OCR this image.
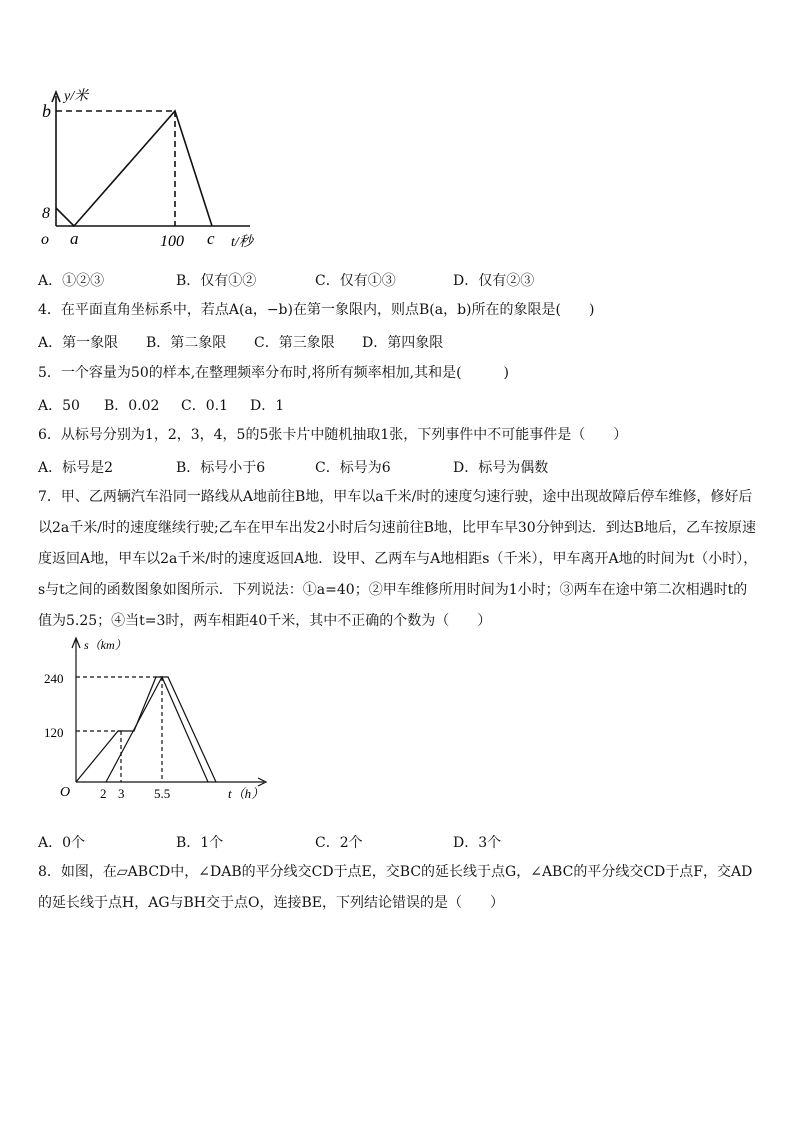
y/米
b
8
o a	100 c t/秒
A．①②③	B．仅有①②	C．仅有①③	D．仅有②③
4．在平面直角坐标系中，若点A(a，−b)在第一象限内，则点B(a，b)所在的象限是(　　)
A．第一象限 B．第二象限 C．第三象限 D．第四象限
5．一个容量为50的样本,在整理频率分布时,将所有频率相加,其和是(　　　)
A．50 B．0.02 C．0.1 D．1
6．从标号分别为1，2，3，4，5的5张卡片中随机抽取1张，下列事件中不可能事件是（　　）
A．标号是2	B．标号小于6	C．标号为6	D．标号为偶数
7．甲、乙两辆汽车沿同一路线从A地前往B地，甲车以a千米/时的速度匀速行驶，途中出现故障后停车维修，修好后以2a千米/时的速度继续行驶;乙车在甲车出发2小时后匀速前往B地，比甲车早30分钟到达．到达B地后，乙车按原速度返回A地，甲车以2a千米/时的速度返回A地．设甲、乙两车与A地相距s（千米），甲车离开A地的时间为t（小时），s与t之间的函数图象如图所示．下列说法：①a=40；②甲车维修所用时间为1小时；③两车在途中第二次相遇时t的值为5.25；④当t=3时，两车相距40千米，其中不正确的个数为（　　）
s（km）
240
120
O 2 3 5.5	t（h）
A．0个	B．1个	C．2个	D．3个
8．如图，在▱ABCD中，∠DAB的平分线交CD于点E，交BC的延长线于点G，∠ABC的平分线交CD于点F，交AD的延长线于点H，AG与BH交于点O，连接BE，下列结论错误的是（　　）
